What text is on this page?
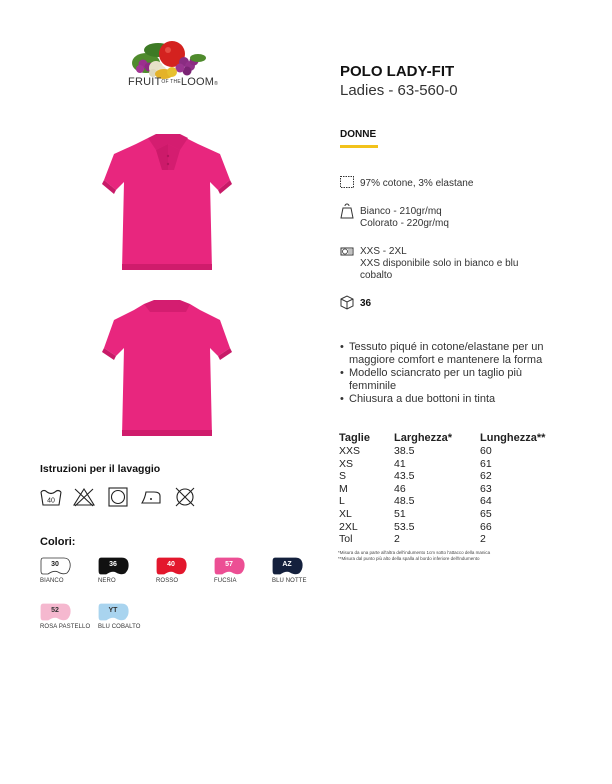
FRUITOF THELOOM®
POLO LADY-FIT
Ladies - 63-560-0
DONNE
97% cotone, 3% elastane
Bianco - 210gr/mq
Colorato - 220gr/mq
XXS - 2XL
XXS disponibile solo in bianco e blu cobalto
36
• Tessuto piqué in cotone/elastane per un maggiore comfort e mantenere la forma
• Modello sciancrato per un taglio più femminile
• Chiusura a due bottoni in tinta
Taglie	Larghezza*	Lunghezza**
XXS	38.5	60
XS	41	61
S	43.5	62
M	46	63
L	48.5	64
XL	51	65
2XL	53.5	66
Tol	2	2
*Misura da una parte all'altra dell'indumento 1cm sotto l'attacco della manica
**Misura dal punto più alto della spalla al bordo inferiore dell'indumento
Istruzioni per il lavaggio
40

Colori:
30
BIANCO
36
NERO
40
ROSSO
57
FUCSIA
AZ
BLU NOTTE
52
ROSA PASTELLO
YT
BLU COBALTO
